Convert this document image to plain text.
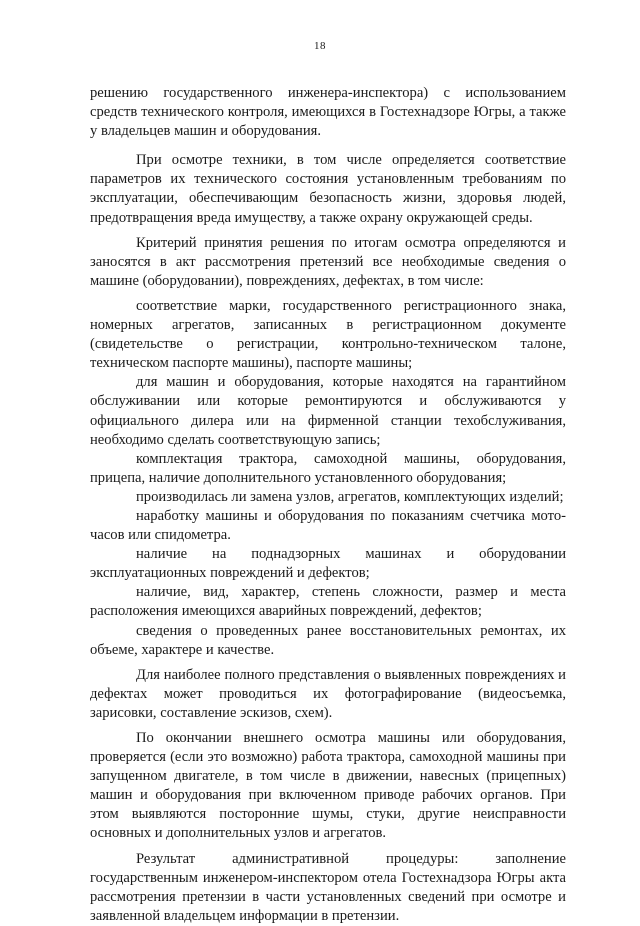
18

решению государственного инженера-инспектора) с использованием средств технического контроля, имеющихся в Гостехнадзоре Югры, а также у владельцев машин и оборудования.

При осмотре техники, в том числе определяется соответствие параметров их технического состояния установленным требованиям по эксплуатации, обеспечивающим безопасность жизни, здоровья людей, предотвращения вреда имуществу, а также охрану окружающей среды.

Критерий принятия решения по итогам осмотра определяются и заносятся в акт рассмотрения претензий все необходимые сведения о машине (оборудовании), повреждениях, дефектах, в том числе:

соответствие марки, государственного регистрационного знака, номерных агрегатов, записанных в регистрационном документе (свидетельстве о регистрации, контрольно-техническом талоне, техническом паспорте машины), паспорте машины;

для машин и оборудования, которые находятся на гарантийном обслуживании или которые ремонтируются и обслуживаются у официального дилера или на фирменной станции техобслуживания, необходимо сделать соответствующую запись;

комплектация трактора, самоходной машины, оборудования, прицепа, наличие дополнительного установленного оборудования;

производилась ли замена узлов, агрегатов, комплектующих изделий;

наработку машины и оборудования по показаниям счетчика мото-часов или спидометра.

наличие на поднадзорных машинах и оборудовании эксплуатационных повреждений и дефектов;

наличие, вид, характер, степень сложности, размер и места расположения имеющихся аварийных повреждений, дефектов;

сведения о проведенных ранее восстановительных ремонтах, их объеме, характере и качестве.

Для наиболее полного представления о выявленных повреждениях и дефектах может проводиться их фотографирование (видеосъемка, зарисовки, составление эскизов, схем).

По окончании внешнего осмотра машины или оборудования, проверяется (если это возможно) работа трактора, самоходной машины при запущенном двигателе, в том числе в движении, навесных (прицепных) машин и оборудования при включенном приводе рабочих органов. При этом выявляются посторонние шумы, стуки, другие неисправности основных и дополнительных узлов и агрегатов.

Результат административной процедуры: заполнение государственным инженером-инспектором отела Гостехнадзора Югры акта рассмотрения претензии в части установленных сведений при осмотре и заявленной владельцем информации в претензии.
